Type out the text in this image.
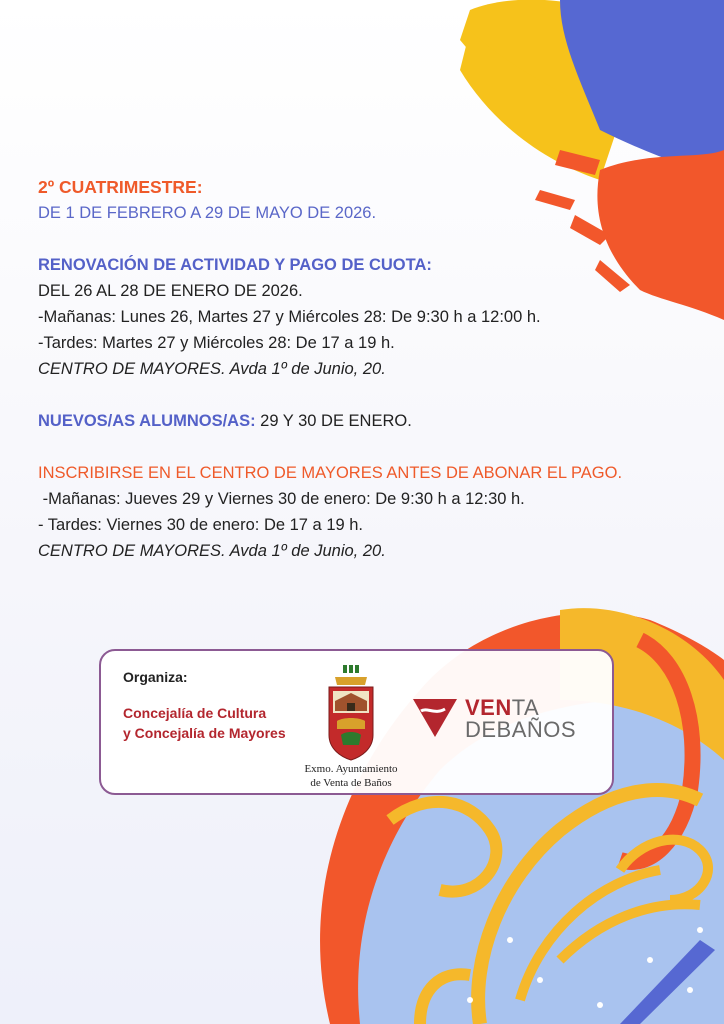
2º CUATRIMESTRE:
DE 1 DE FEBRERO A 29 DE MAYO DE 2026.
RENOVACIÓN DE ACTIVIDAD Y PAGO DE CUOTA:
DEL 26 AL 28 DE ENERO DE 2026.
-Mañanas: Lunes 26, Martes 27 y Miércoles 28: De 9:30 h a 12:00 h.
-Tardes: Martes 27 y Miércoles 28: De 17 a 19 h.
CENTRO DE MAYORES. Avda 1º de Junio, 20.
NUEVOS/AS ALUMNOS/AS: 29 Y 30 DE ENERO.
INSCRIBIRSE EN EL CENTRO DE MAYORES ANTES DE ABONAR EL PAGO.
-Mañanas: Jueves 29 y Viernes 30 de enero: De 9:30 h a 12:30 h.
- Tardes: Viernes 30 de enero: De 17 a 19 h.
CENTRO DE MAYORES. Avda 1º de Junio, 20.
Organiza:
Concejalía de Cultura
y Concejalía de Mayores
Exmo. Ayuntamiento
de Venta de Baños
VENTA
DEBAÑOS
